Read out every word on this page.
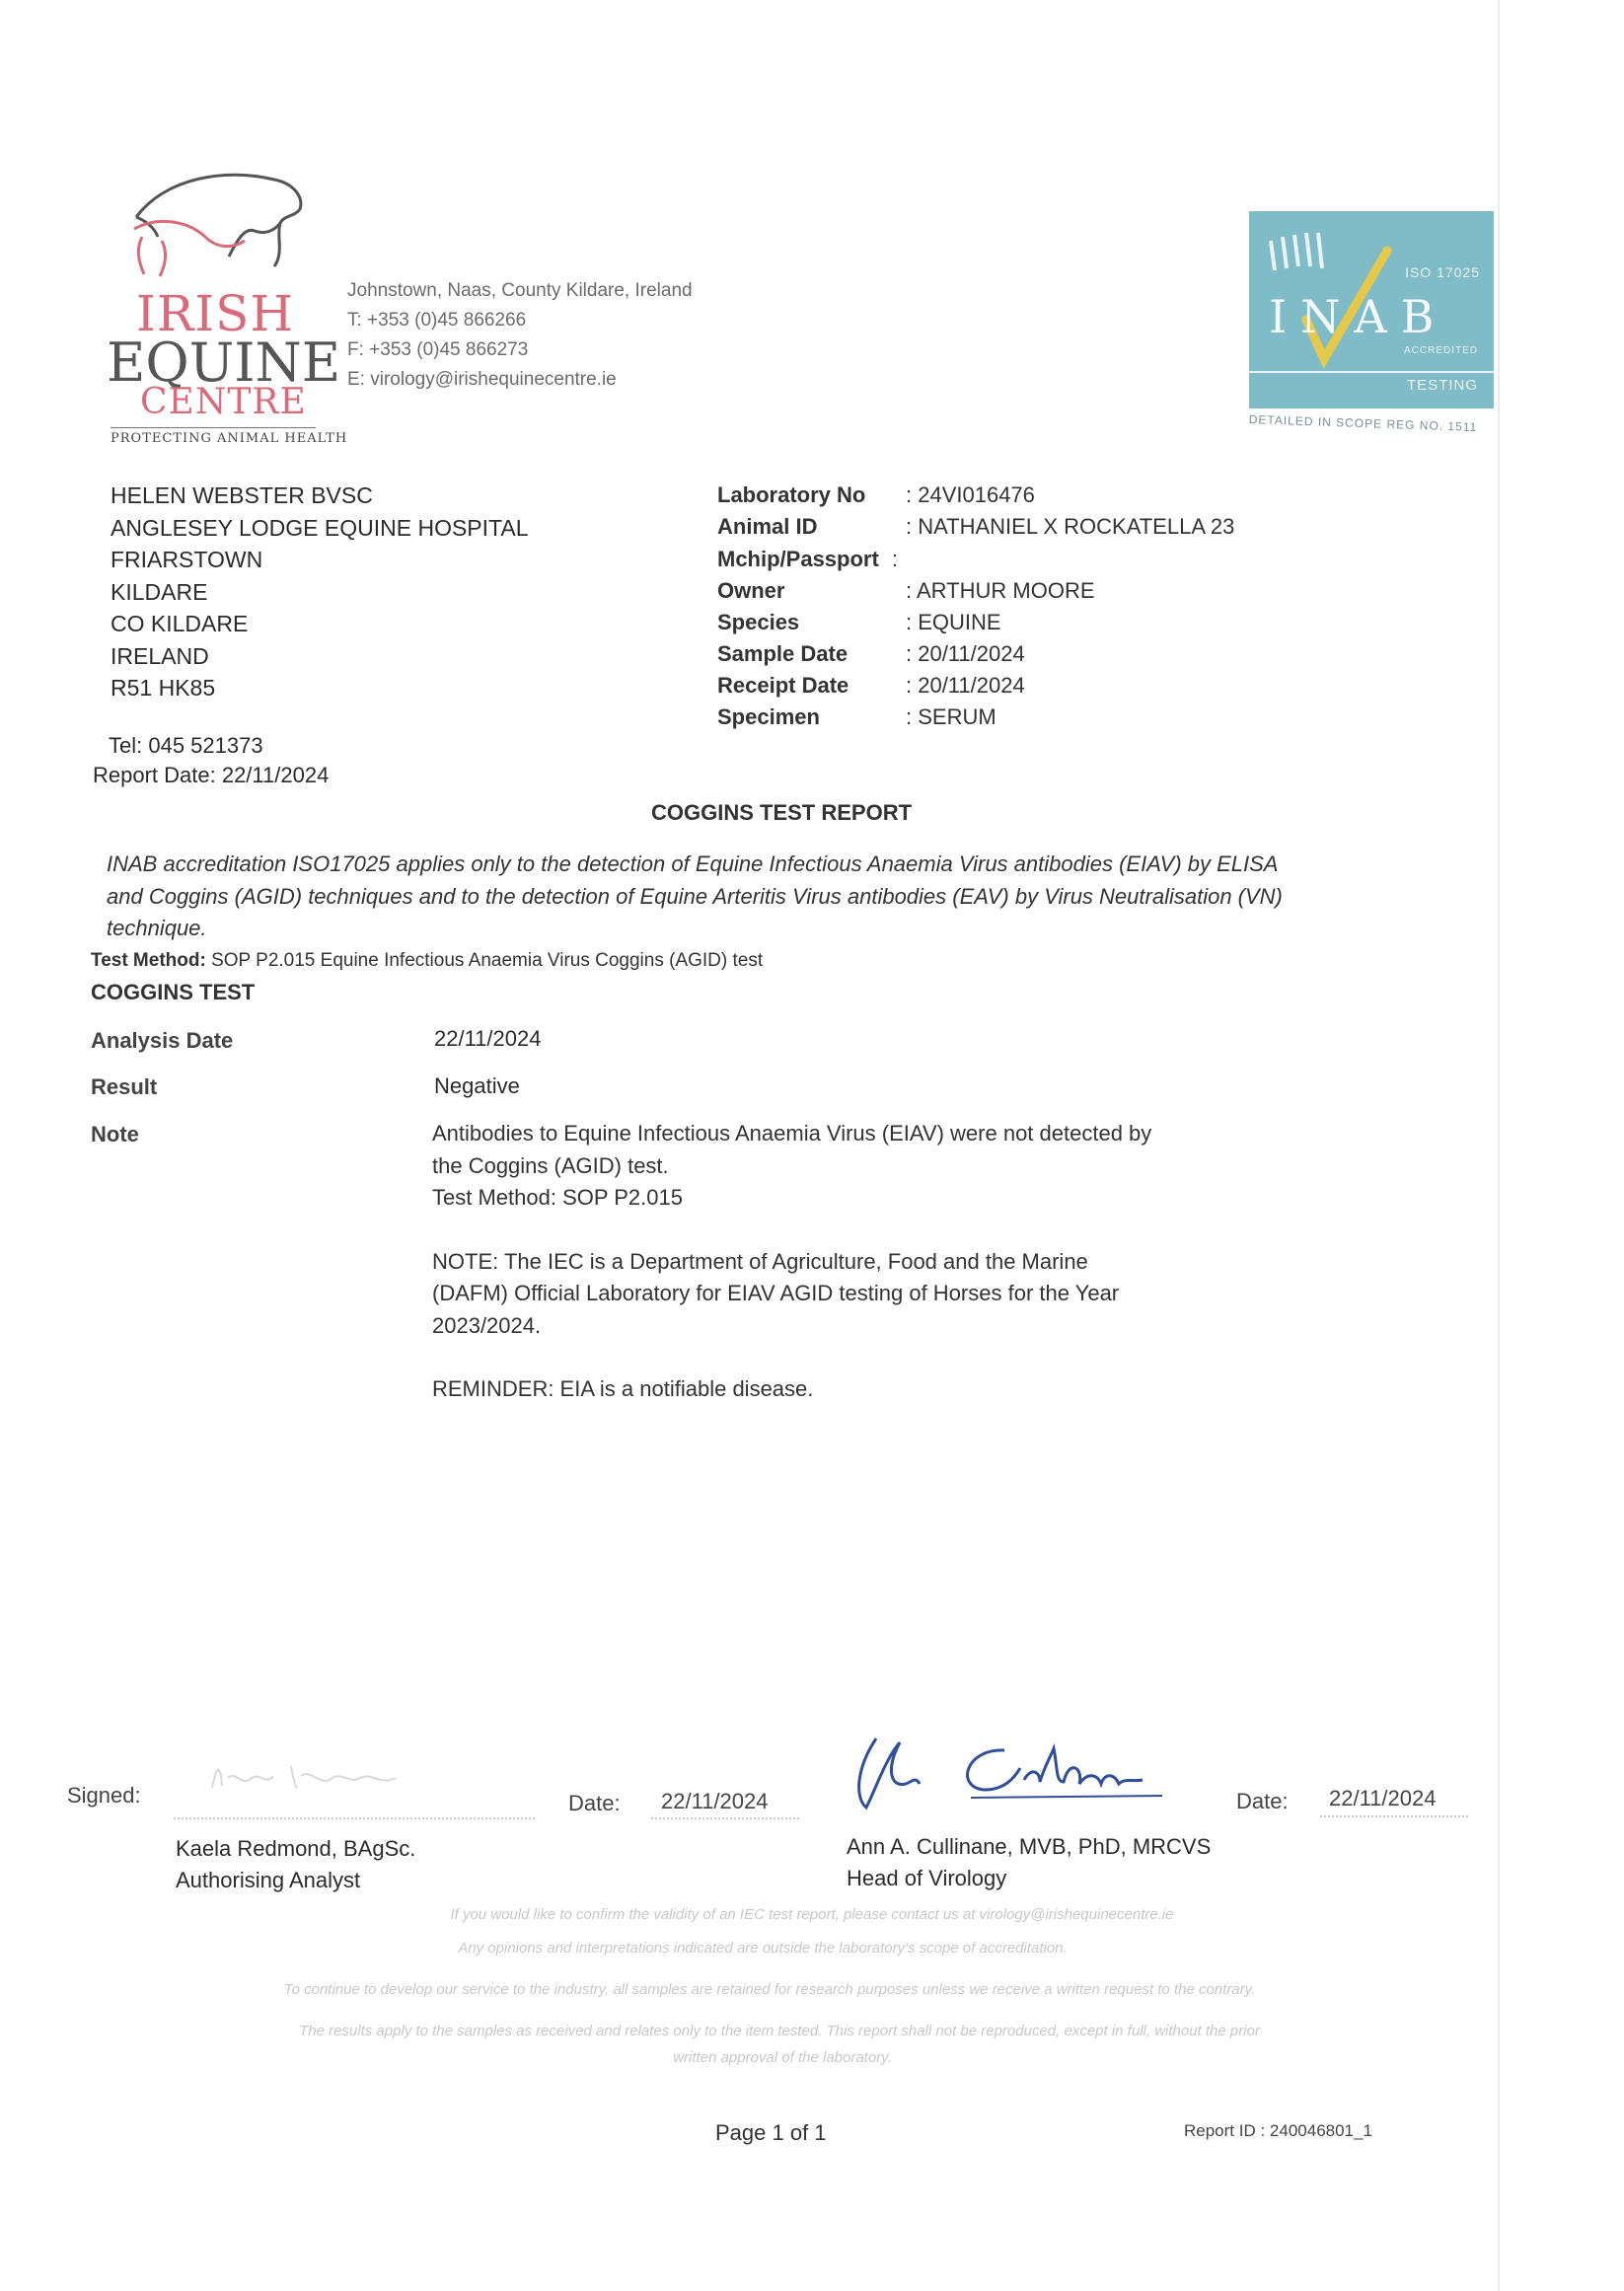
IRISH
EQUINE
CENTRE
PROTECTING ANIMAL HEALTH
Johnstown, Naas, County Kildare, Ireland
T: +353 (0)45 866266
F: +353 (0)45 866273
E: virology@irishequinecentre.ie
ISO 17025
INAB
ACCREDITED
TESTING
DETAILED IN SCOPE REG NO. 1511
HELEN WEBSTER BVSC
ANGLESEY LODGE EQUINE HOSPITAL
FRIARSTOWN
KILDARE
CO KILDARE
IRELAND
R51 HK85
Tel: 045 521373
Report Date: 22/11/2024
Laboratory No : 24VI016476
Animal ID	: NATHANIEL X ROCKATELLA 23
Mchip/Passport :
Owner	: ARTHUR MOORE
Species	: EQUINE
Sample Date	: 20/11/2024
Receipt Date	: 20/11/2024
Specimen	: SERUM
COGGINS TEST REPORT
INAB accreditation ISO17025 applies only to the detection of Equine Infectious Anaemia Virus antibodies (EIAV) by ELISA
and Coggins (AGID) techniques and to the detection of Equine Arteritis Virus antibodies (EAV) by Virus Neutralisation (VN)
technique.
Test Method: SOP P2.015 Equine Infectious Anaemia Virus Coggins (AGID) test
COGGINS TEST
Analysis Date	22/11/2024
Result	Negative
Note	Antibodies to Equine Infectious Anaemia Virus (EIAV) were not detected by
the Coggins (AGID) test.
Test Method: SOP P2.015
NOTE: The IEC is a Department of Agriculture, Food and the Marine
(DAFM) Official Laboratory for EIAV AGID testing of Horses for the Year
2023/2024.
REMINDER: EIA is a notifiable disease.
Signed:	Date: 22/11/2024
Kaela Redmond, BAgSc.
Authorising Analyst
Date: 22/11/2024
Ann A. Cullinane, MVB, PhD, MRCVS
Head of Virology
If you would like to confirm the validity of an IEC test report, please contact us at virology@irishequinecentre.ie
Any opinions and interpretations indicated are outside the laboratory's scope of accreditation.
To continue to develop our service to the industry, all samples are retained for research purposes unless we receive a written request to the contrary.
The results apply to the samples as received and relates only to the item tested. This report shall not be reproduced, except in full, without the prior
written approval of the laboratory.
Page 1 of 1	Report ID : 240046801_1
